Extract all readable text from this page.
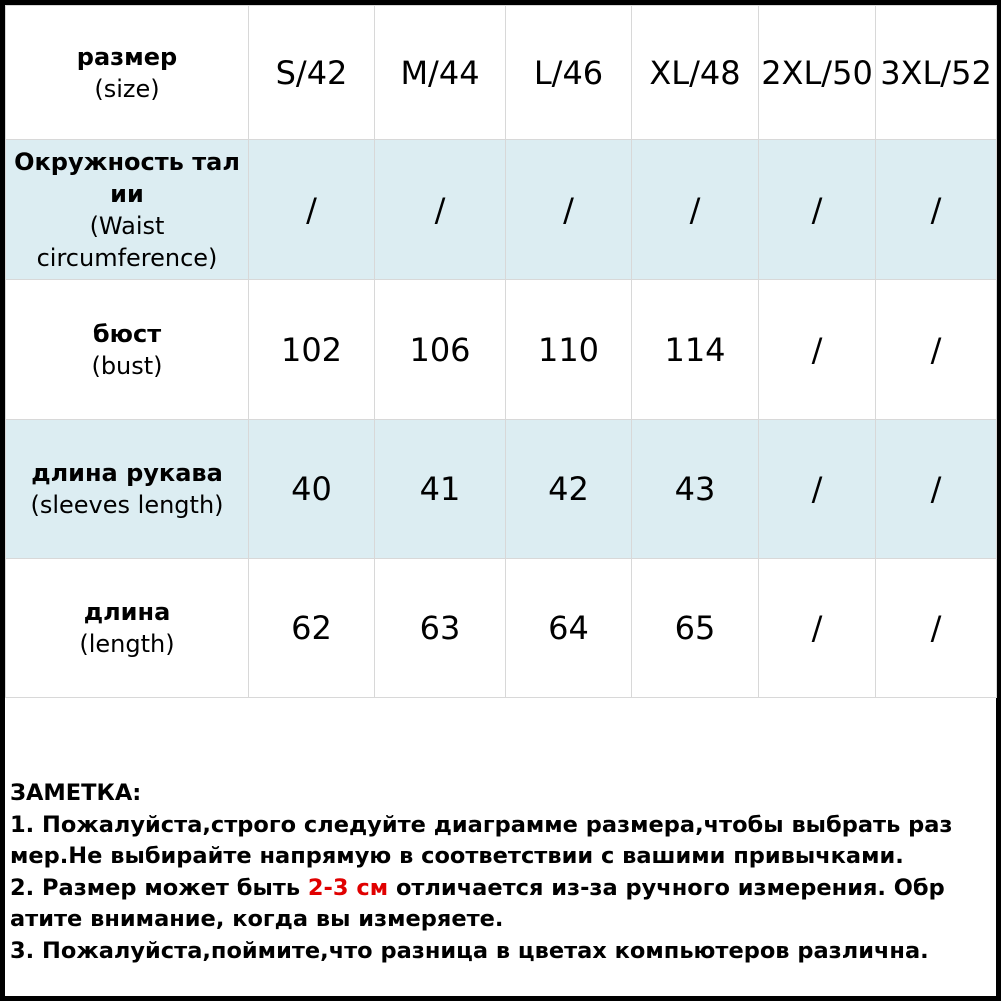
размер
(size)	S/42	M/44	L/46	XL/48	2XL/50	3XL/52

Окружность тал
ии
(Waist
circumference)	/	/	/	/	/	/

бюст
(bust)	102	106	110	114	/	/

длина рукава
(sleeves length)	40	41	42	43	/	/

длина
(length)	62	63	64	65	/	/
ЗАМЕТКА:
1. Пожалуйста,строго следуйте диаграмме размера,чтобы выбрать раз
мер.Не выбирайте напрямую в соответствии с вашими привычками.
2. Размер может быть 2-3 см отличается из-за ручного измерения. Обр
атите внимание, когда вы измеряете.
3. Пожалуйста,поймите,что разница в цветах компьютеров различна.
